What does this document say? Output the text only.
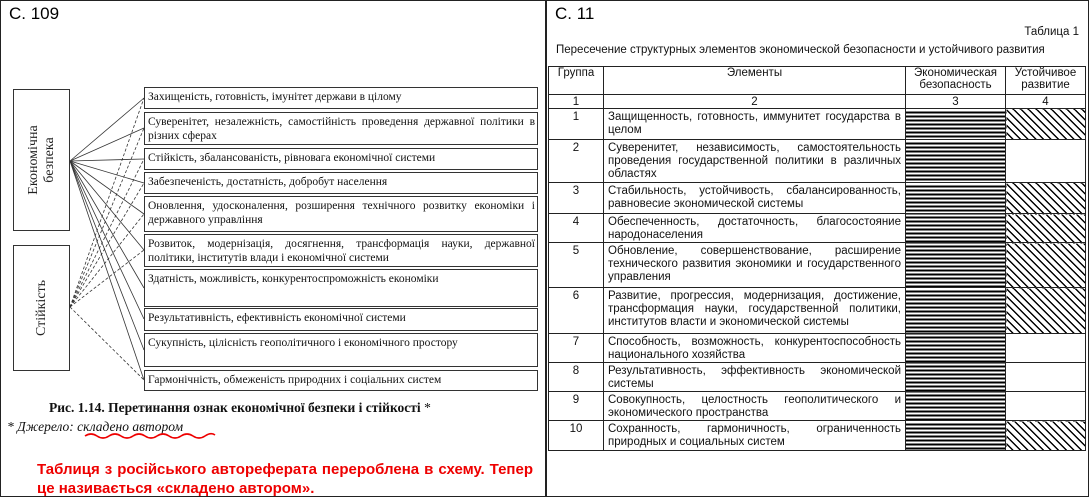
С. 109
Економічна безпека
Стійкість
Захищеність, готовність, імунітет держави в цілому
Суверенітет, незалежність, самостійність проведення державної політики в різних сферах
Стійкість, збалансованість, рівновага економічної системи
Забезпеченість, достатність, добробут населення
Оновлення, удосконалення, розширення технічного розвитку економіки і державного управління
Розвиток, модернізація, досягнення, трансформація науки, державної політики, інститутів влади і економічної системи
Здатність, можливість, конкурентоспроможність економіки
Результативність, ефективність економічної системи
Сукупність, цілісність геополітичного і економічного простору
Гармонічність, обмеженість природних і соціальних систем
Рис. 1.14. Перетинання ознак економічної безпеки і стійкості *
* Джерело: складено автором
Таблиця з російського автореферата перероблена в схему. Тепер це називається «складено автором».
С. 11
Таблица 1
Пересечение структурных элементов экономической безопасности и устойчивого развития
Группа	Элементы	Экономическая безопасность	Устойчивое развитие
1	2	3	4
1	Защищенность, готовность, иммунитет государства в целом		
2	Суверенитет, независимость, самостоятельность проведения государственной политики в различных областях		
3	Стабильность, устойчивость, сбалансированность, равновесие экономической системы		
4	Обеспеченность, достаточность, благосостояние народонаселения		
5	Обновление, совершенствование, расширение технического развития экономики и государственного управления		
6	Развитие, прогрессия, модернизация, достижение, трансформация науки, государственной политики, институтов власти и экономической системы		
7	Способность, возможность, конкурентоспособность национального хозяйства		
8	Результативность, эффективность экономической системы		
9	Совокупность, целостность геополитического и экономического пространства		
10	Сохранность, гармоничность, ограниченность природных и социальных систем		
